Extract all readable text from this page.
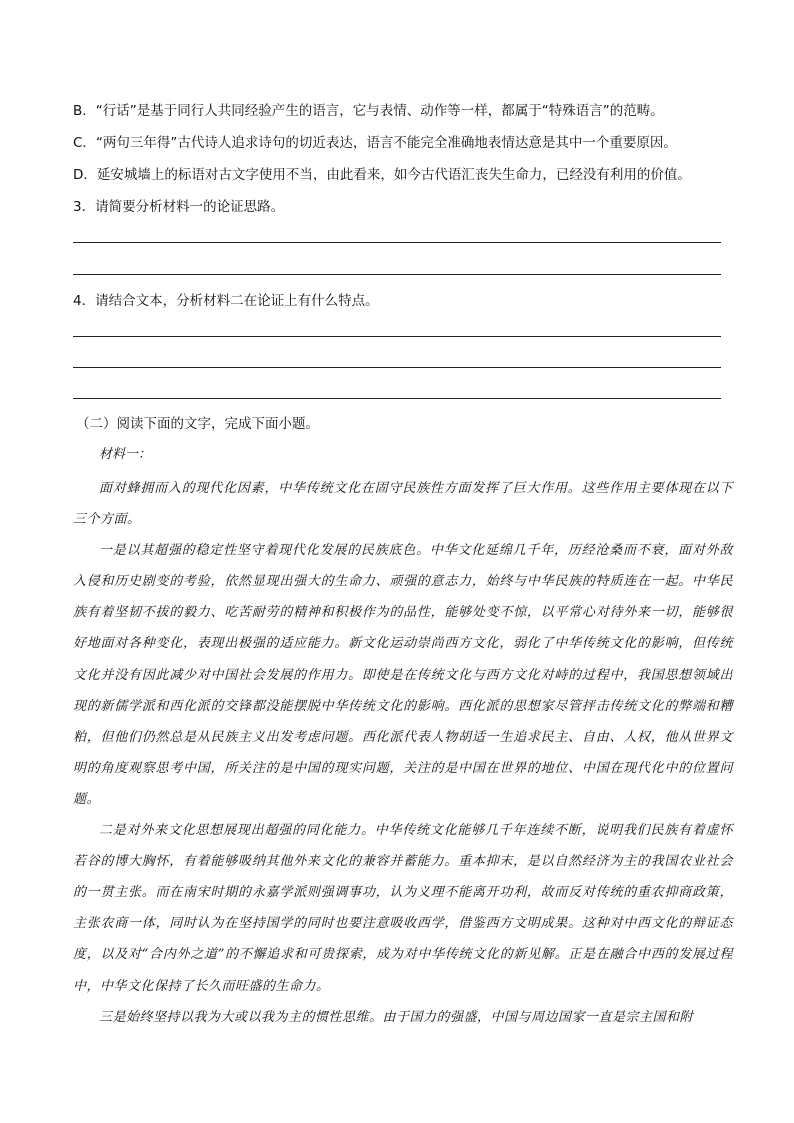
B．“行话”是基于同行人共同经验产生的语言，它与表情、动作等一样，都属于“特殊语言”的范畴。
C．“两句三年得”古代诗人追求诗句的切近表达，语言不能完全准确地表情达意是其中一个重要原因。
D．延安城墙上的标语对古文字使用不当，由此看来，如今古代语汇丧失生命力，已经没有利用的价值。
3．请简要分析材料一的论证思路。
4．请结合文本，分析材料二在论证上有什么特点。
（二）阅读下面的文字，完成下面小题。
材料一：

面对蜂拥而入的现代化因素，中华传统文化在固守民族性方面发挥了巨大作用。这些作用主要体现在以下三个方面。

一是以其超强的稳定性坚守着现代化发展的民族底色。中华文化延绵几千年，历经沧桑而不衰，面对外敌入侵和历史剧变的考验，依然显现出强大的生命力、顽强的意志力，始终与中华民族的特质连在一起。中华民族有着坚韧不拔的毅力、吃苦耐劳的精神和积极作为的品性，能够处变不惊，以平常心对待外来一切，能够很好地面对各种变化，表现出极强的适应能力。新文化运动崇尚西方文化，弱化了中华传统文化的影响，但传统文化并没有因此减少对中国社会发展的作用力。即使是在传统文化与西方文化对峙的过程中，我国思想领域出现的新儒学派和西化派的交锋都没能摆脱中华传统文化的影响。西化派的思想家尽管抨击传统文化的弊端和糟粕，但他们仍然总是从民族主义出发考虑问题。西化派代表人物胡适一生追求民主、自由、人权，他从世界文明的角度观察思考中国，所关注的是中国的现实问题，关注的是中国在世界的地位、中国在现代化中的位置问题。

二是对外来文化思想展现出超强的同化能力。中华传统文化能够几千年连续不断，说明我们民族有着虚怀若谷的博大胸怀，有着能够吸纳其他外来文化的兼容并蓄能力。重本抑末，是以自然经济为主的我国农业社会的一贯主张。而在南宋时期的永嘉学派则强调事功，认为义理不能离开功利，故而反对传统的重农抑商政策，主张农商一体，同时认为在坚持国学的同时也要注意吸收西学，借鉴西方文明成果。这种对中西文化的辩证态度，以及对“合内外之道”的不懈追求和可贵探索，成为对中华传统文化的新见解。正是在融合中西的发展过程中，中华文化保持了长久而旺盛的生命力。

三是始终坚持以我为大或以我为主的惯性思维。由于国力的强盛，中国与周边国家一直是宗主国和附
